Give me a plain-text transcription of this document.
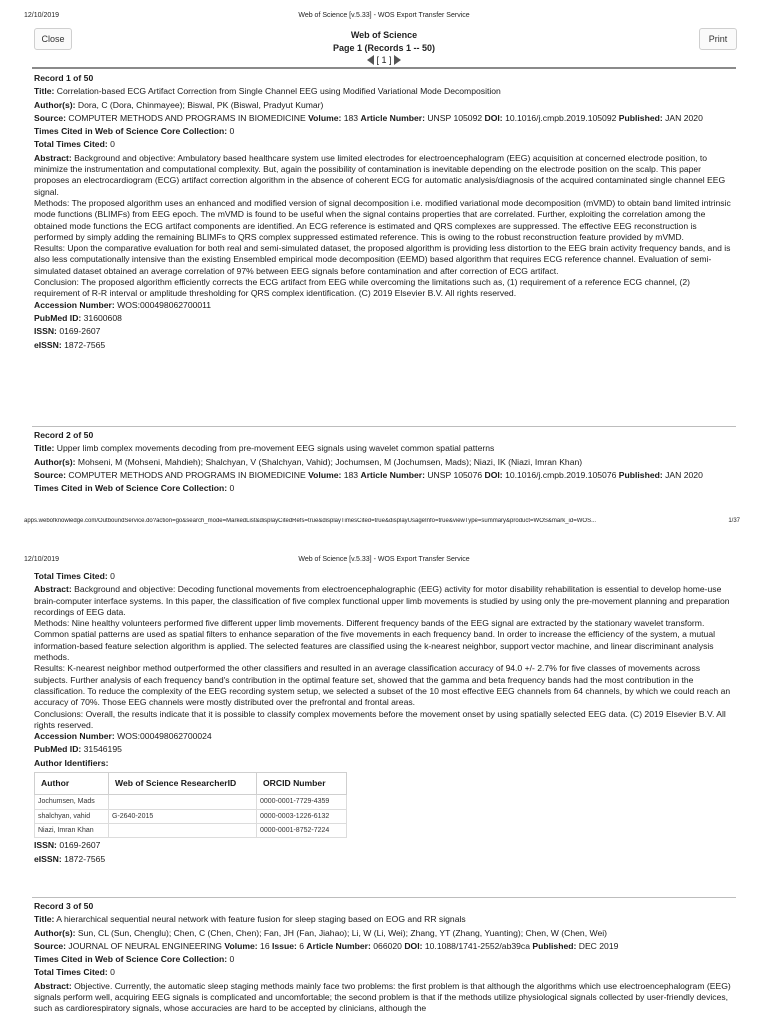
12/10/2019	Web of Science [v.5.33] - WOS Export Transfer Service
Close	Print
Web of Science
Page 1 (Records 1 -- 50)
[ 1 ]

Record 1 of 50

Title: Correlation-based ECG Artifact Correction from Single Channel EEG using Modified Variational Mode Decomposition

Author(s): Dora, C (Dora, Chinmayee); Biswal, PK (Biswal, Pradyut Kumar)

Source: COMPUTER METHODS AND PROGRAMS IN BIOMEDICINE Volume: 183 Article Number: UNSP 105092 DOI: 10.1016/j.cmpb.2019.105092 Published: JAN 2020

Times Cited in Web of Science Core Collection: 0

Total Times Cited: 0

Abstract: Background and objective: Ambulatory based healthcare system use limited electrodes for electroencephalogram (EEG) acquisition at concerned electrode position, to minimize the instrumentation and computational complexity. But, again the possibility of contamination is inevitable depending on the electrode position on the scalp. This paper proposes an electrocardiogram (ECG) artifact correction algorithm in the absence of coherent ECG for automatic analysis/diagnosis of the acquired contaminated single channel EEG signal.
Methods: The proposed algorithm uses an enhanced and modified version of signal decomposition i.e. modified variational mode decomposition (mVMD) to obtain band limited intrinsic mode functions (BLIMFs) from EEG epoch. The mVMD is found to be useful when the signal contains properties that are correlated. Further, exploiting the correlation among the obtained mode functions the ECG artifact components are identified. An ECG reference is estimated and QRS complexes are suppressed. The effective EEG reconstruction is performed by simply adding the remaining BLIMFs to QRS complex suppressed estimated reference. This is owing to the robust reconstruction feature provided by mVMD.
Results: Upon the comparative evaluation for both real and semi-simulated dataset, the proposed algorithm is providing less distortion to the EEG brain activity frequency bands, and is also less computationally intensive than the existing Ensembled empirical mode decomposition (EEMD) based algorithm that requires ECG reference channel. Evaluation of semi-simulated dataset obtained an average correlation of 97% between EEG signals before contamination and after correction of ECG artifact.
Conclusion: The proposed algorithm efficiently corrects the ECG artifact from EEG while overcoming the limitations such as, (1) requirement of a reference ECG channel, (2) requirement of R-R interval or amplitude thresholding for QRS complex identification. (C) 2019 Elsevier B.V. All rights reserved.

Accession Number: WOS:000498062700011

PubMed ID: 31600608

ISSN: 0169-2607

eISSN: 1872-7565

Record 2 of 50

Title: Upper limb complex movements decoding from pre-movement EEG signals using wavelet common spatial patterns

Author(s): Mohseni, M (Mohseni, Mahdieh); Shalchyan, V (Shalchyan, Vahid); Jochumsen, M (Jochumsen, Mads); Niazi, IK (Niazi, Imran Khan)

Source: COMPUTER METHODS AND PROGRAMS IN BIOMEDICINE Volume: 183 Article Number: UNSP 105076 DOI: 10.1016/j.cmpb.2019.105076 Published: JAN 2020

Times Cited in Web of Science Core Collection: 0

apps.webofknowledge.com/OutboundService.do?action=go&search_mode=MarkedList&displayCitedRefs=true&displayTimesCited=true&displayUsageInfo=true&viewType=summary&product=WOS&mark_id=WOS...	1/37
12/10/2019	Web of Science [v.5.33] - WOS Export Transfer Service

Total Times Cited: 0

Abstract: Background and objective: Decoding functional movements from electroencephalographic (EEG) activity for motor disability rehabilitation is essential to develop home-use brain-computer interface systems. In this paper, the classification of five complex functional upper limb movements is studied by using only the pre-movement planning and preparation recordings of EEG data.
Methods: Nine healthy volunteers performed five different upper limb movements. Different frequency bands of the EEG signal are extracted by the stationary wavelet transform. Common spatial patterns are used as spatial filters to enhance separation of the five movements in each frequency band. In order to increase the efficiency of the system, a mutual information-based feature selection algorithm is applied. The selected features are classified using the k-nearest neighbor, support vector machine, and linear discriminant analysis methods.
Results: K-nearest neighbor method outperformed the other classifiers and resulted in an average classification accuracy of 94.0 +/- 2.7% for five classes of movements across subjects. Further analysis of each frequency band's contribution in the optimal feature set, showed that the gamma and beta frequency bands had the most contribution in the classification. To reduce the complexity of the EEG recording system setup, we selected a subset of the 10 most effective EEG channels from 64 channels, by which we could reach an accuracy of 70%. Those EEG channels were mostly distributed over the prefrontal and frontal areas.
Conclusions: Overall, the results indicate that it is possible to classify complex movements before the movement onset by using spatially selected EEG data. (C) 2019 Elsevier B.V. All rights reserved.

Accession Number: WOS:000498062700024

PubMed ID: 31546195

Author Identifiers:

Author	Web of Science ResearcherID	ORCID Number
Jochumsen, Mads		0000-0001-7729-4359
shalchyan, vahid	G-2640-2015	0000-0003-1226-6132
Niazi, Imran Khan		0000-0001-8752-7224

ISSN: 0169-2607

eISSN: 1872-7565

Record 3 of 50

Title: A hierarchical sequential neural network with feature fusion for sleep staging based on EOG and RR signals

Author(s): Sun, CL (Sun, Chenglu); Chen, C (Chen, Chen); Fan, JH (Fan, Jiahao); Li, W (Li, Wei); Zhang, YT (Zhang, Yuanting); Chen, W (Chen, Wei)

Source: JOURNAL OF NEURAL ENGINEERING Volume: 16 Issue: 6 Article Number: 066020 DOI: 10.1088/1741-2552/ab39ca Published: DEC 2019

Times Cited in Web of Science Core Collection: 0

Total Times Cited: 0

Abstract: Objective. Currently, the automatic sleep staging methods mainly face two problems: the first problem is that although the algorithms which use electroencephalogram (EEG) signals perform well, acquiring EEG signals is complicated and uncomfortable; the second problem is that if the methods utilize physiological signals collected by user-friendly devices, such as cardiorespiratory signals, whose accuracies are hard to be accepted by clinicians, although the
